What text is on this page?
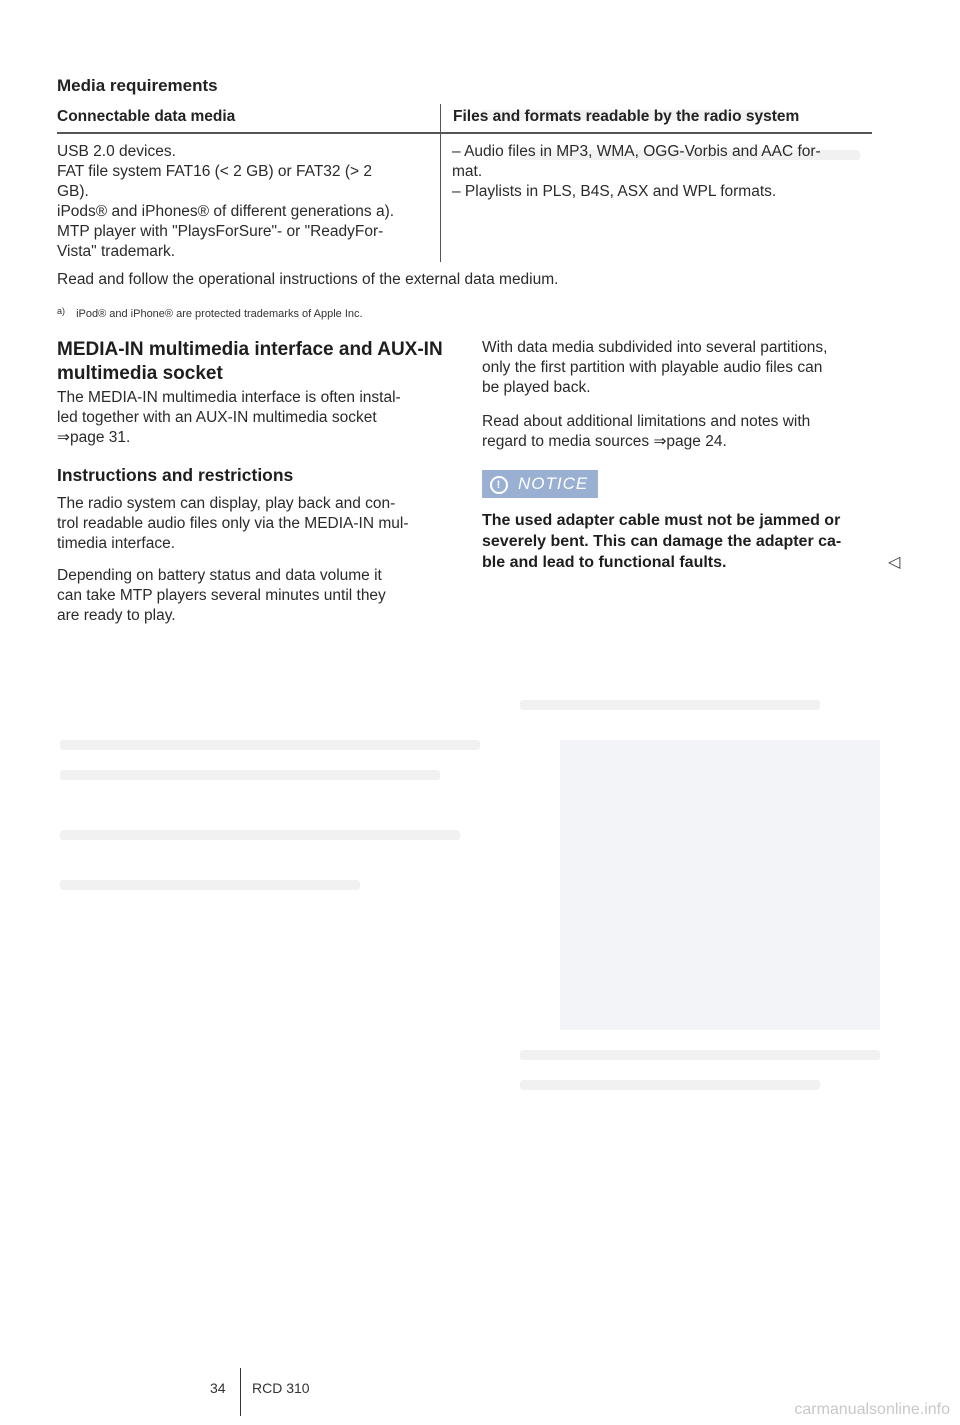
Media requirements
Connectable data media	Files and formats readable by the radio system

USB 2.0 devices.

FAT file system FAT16 (< 2 GB) or FAT32 (> 2

GB).

iPods® and iPhones® of different generations a).

MTP player with "PlaysForSure"- or "ReadyFor-

Vista" trademark.

– Audio files in MP3, WMA, OGG-Vorbis and AAC for-

mat.

– Playlists in PLS, B4S, ASX and WPL formats.

Read and follow the operational instructions of the external data medium.
$^{a)}$ iPod® and iPhone® are protected trademarks of Apple Inc.

MEDIA-IN multimedia interface and AUX-IN

multimedia socket

The MEDIA-IN multimedia interface is often instal-

led together with an AUX-IN multimedia socket

⇒page 31.

Instructions and restrictions

The radio system can display, play back and con-

trol readable audio files only via the MEDIA-IN mul-

timedia interface.

Depending on battery status and data volume it

can take MTP players several minutes until they

are ready to play.

With data media subdivided into several partitions,

only the first partition with playable audio files can

be played back.

Read about additional limitations and notes with

regard to media sources ⇒page 24.

! NOTICE

The used adapter cable must not be jammed or

severely bent. This can damage the adapter ca-

ble and lead to functional faults.	◁
34 RCD 310
carmanualsonline.info
